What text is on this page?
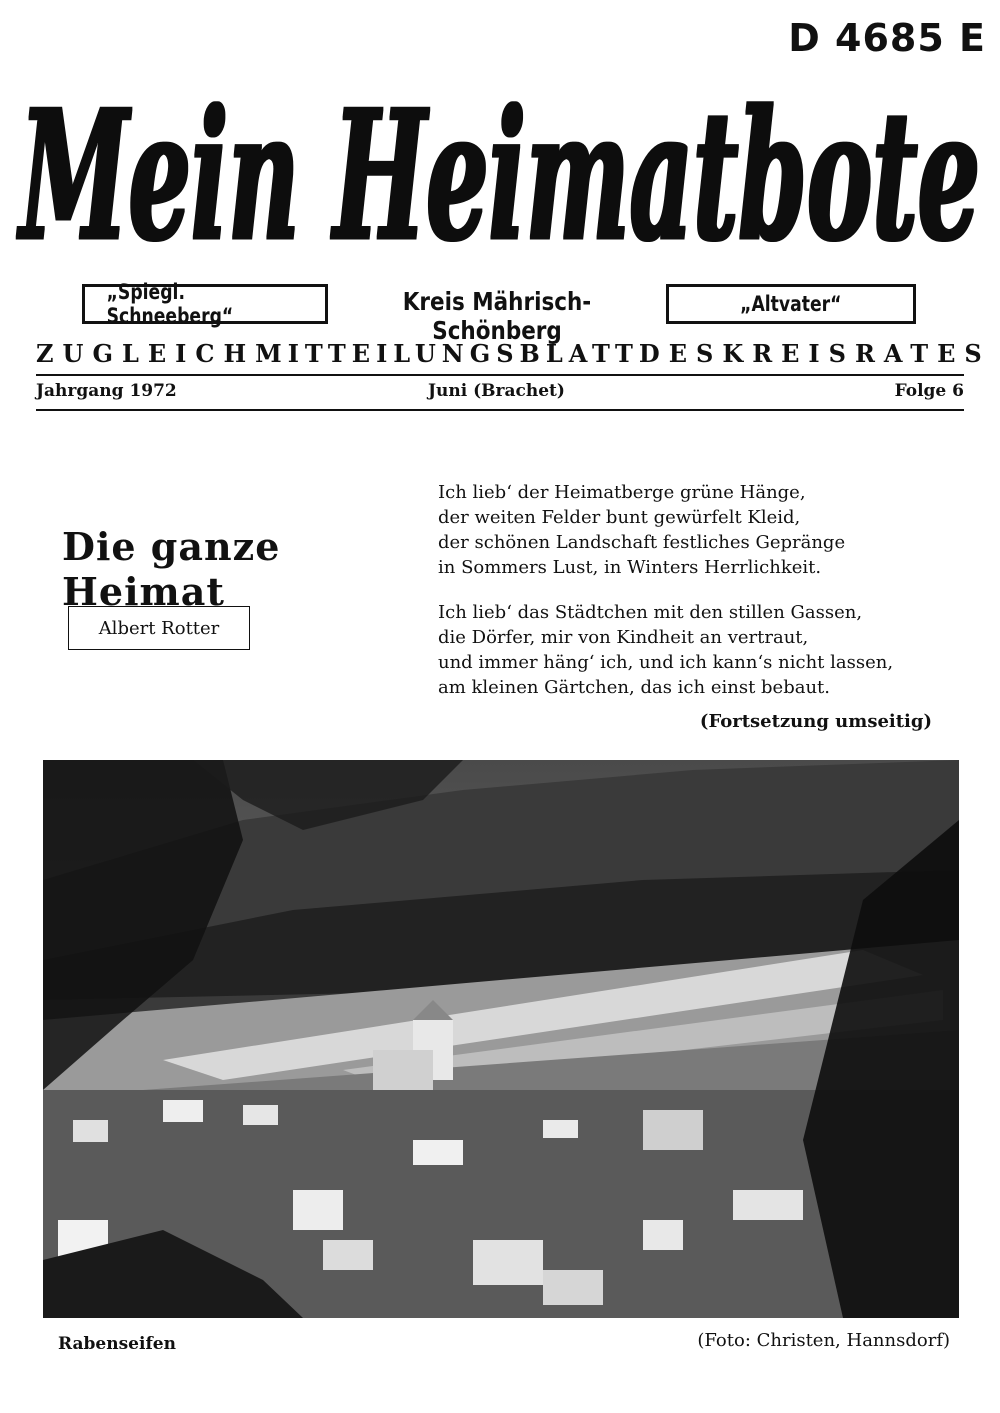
D 4685 E
Mein Heimatbote
„Spiegl. Schneeberg“	Kreis Mährisch-Schönberg
„Altvater“
ZUGLEICH MITTEILUNGSBLATT DES KREISRATES
Jahrgang 1972	Juni (Brachet)	Folge 6
Die ganze Heimat
Albert Rotter
Ich lieb‘ der Heimatberge grüne Hänge,
der weiten Felder bunt gewürfelt Kleid,
der schönen Landschaft festliches Gepränge
in Sommers Lust, in Winters Herrlichkeit.
Ich lieb‘ das Städtchen mit den stillen Gassen,
die Dörfer, mir von Kindheit an vertraut,
und immer häng‘ ich, und ich kann‘s nicht lassen,
am kleinen Gärtchen, das ich einst bebaut.
(Fortsetzung umseitig)
Rabenseifen	(Foto: Christen, Hannsdorf)
